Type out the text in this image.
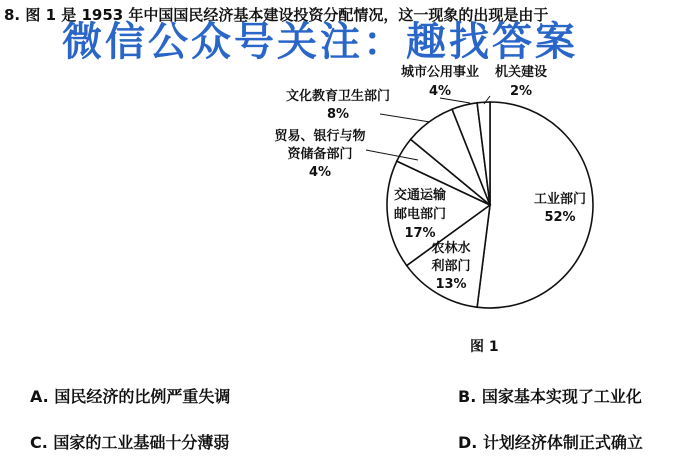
8. 图 1 是 1953 年中国国民经济基本建设投资分配情况，这一现象的出现是由于
微信公众号关注：趣找答案
工业部门
52%
农林水
利部门
13%
交通运输
邮电部门
17%
贸易、银行与物
资储备部门
4%
文化教育卫生部门
8%
城市公用事业
4%
机关建设
2%
图 1
A. 国民经济的比例严重失调	B. 国家基本实现了工业化
C. 国家的工业基础十分薄弱	D. 计划经济体制正式确立
